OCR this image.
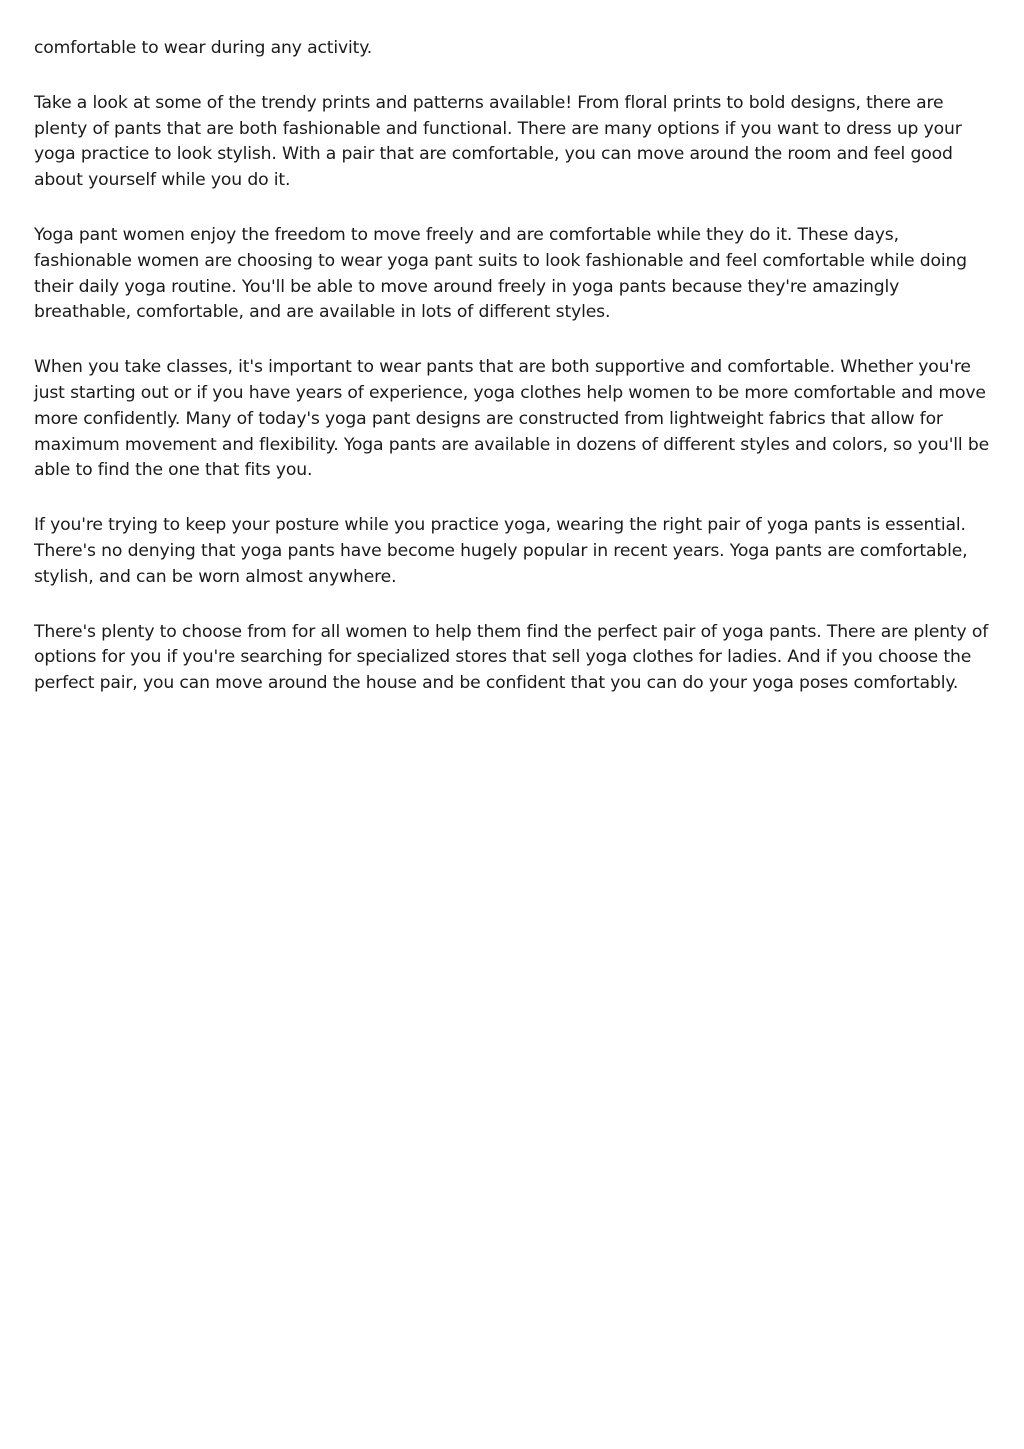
comfortable to wear during any activity.

Take a look at some of the trendy prints and patterns available! From floral prints to bold designs, there are plenty of pants that are both fashionable and functional. There are many options if you want to dress up your yoga practice to look stylish. With a pair that are comfortable, you can move around the room and feel good about yourself while you do it.

Yoga pant women enjoy the freedom to move freely and are comfortable while they do it. These days, fashionable women are choosing to wear yoga pant suits to look fashionable and feel comfortable while doing their daily yoga routine. You'll be able to move around freely in yoga pants because they're amazingly breathable, comfortable, and are available in lots of different styles.

When you take classes, it's important to wear pants that are both supportive and comfortable. Whether you're just starting out or if you have years of experience, yoga clothes help women to be more comfortable and move more confidently. Many of today's yoga pant designs are constructed from lightweight fabrics that allow for maximum movement and flexibility. Yoga pants are available in dozens of different styles and colors, so you'll be able to find the one that fits you.

If you're trying to keep your posture while you practice yoga, wearing the right pair of yoga pants is essential. There's no denying that yoga pants have become hugely popular in recent years. Yoga pants are comfortable, stylish, and can be worn almost anywhere.

There's plenty to choose from for all women to help them find the perfect pair of yoga pants. There are plenty of options for you if you're searching for specialized stores that sell yoga clothes for ladies. And if you choose the perfect pair, you can move around the house and be confident that you can do your yoga poses comfortably.
